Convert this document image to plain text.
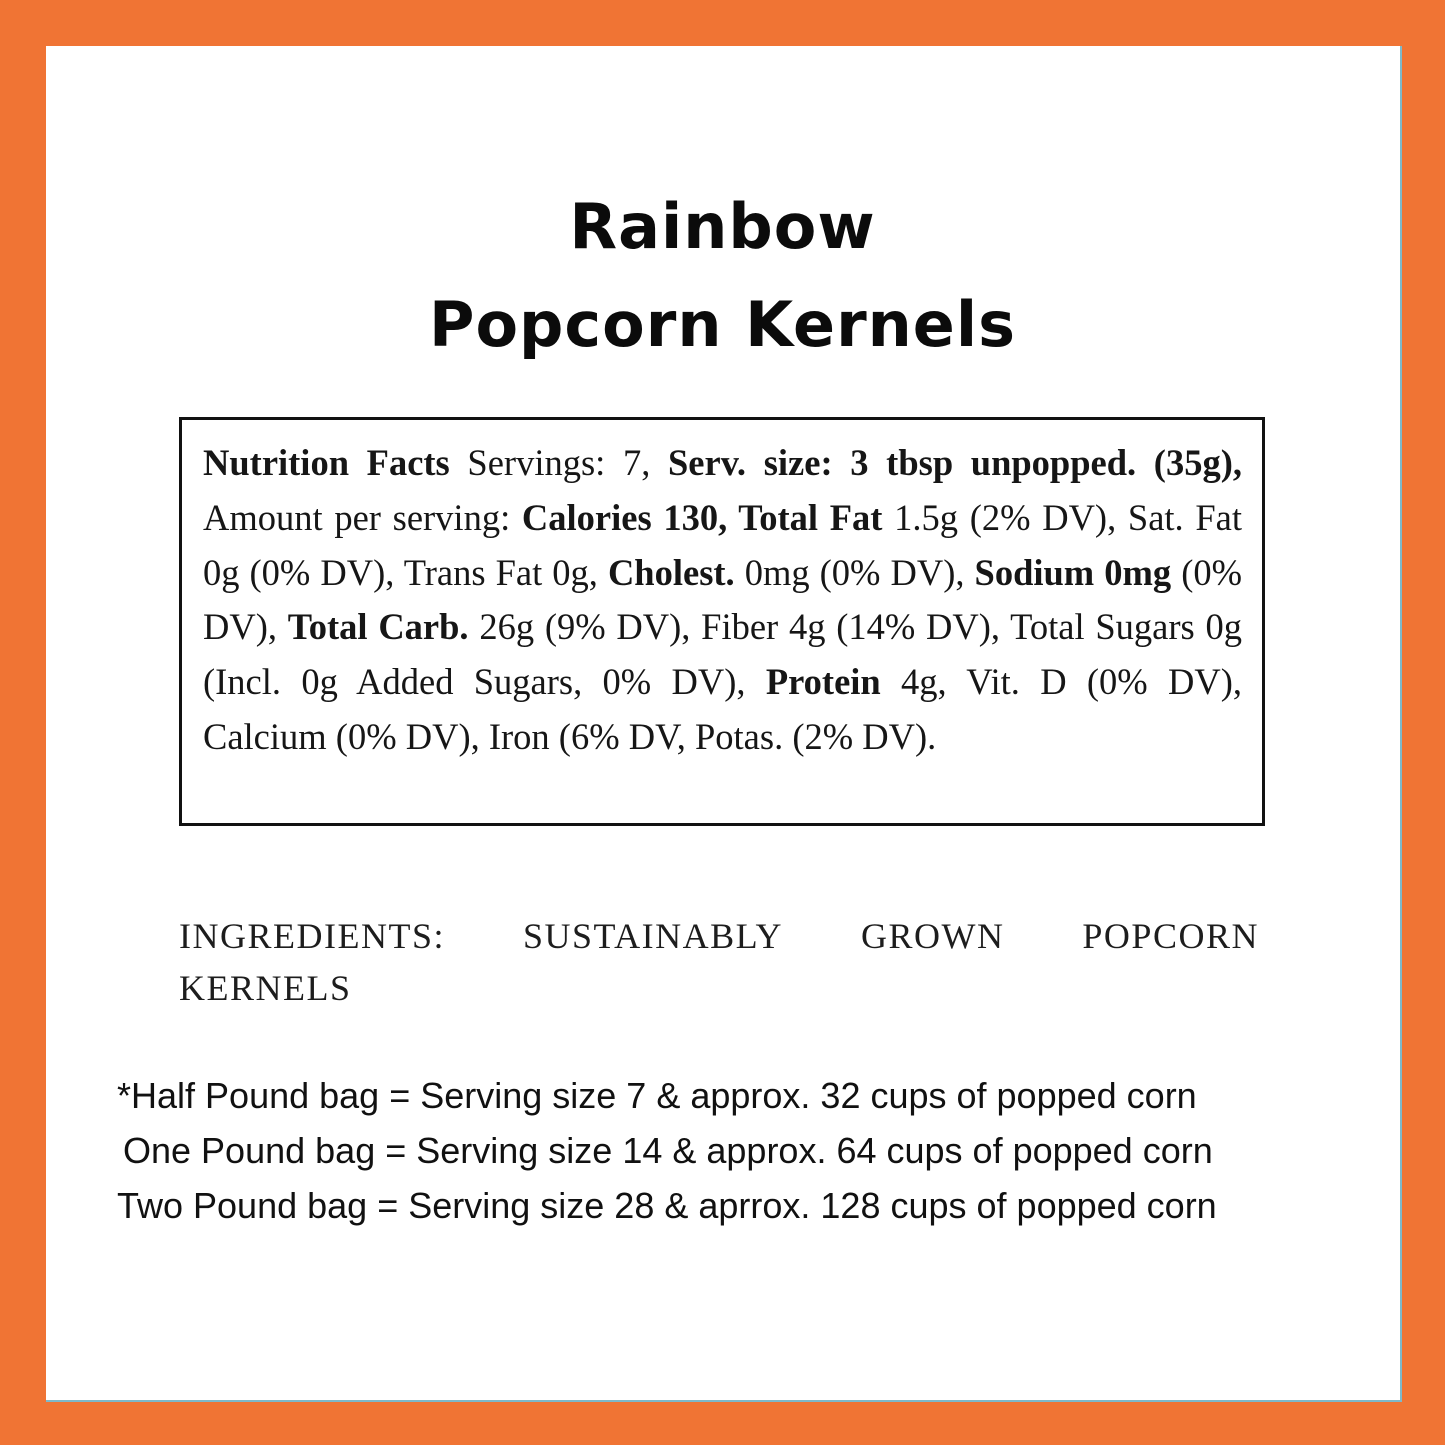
Rainbow
Popcorn Kernels

Nutrition Facts Servings: 7, Serv. size: 3 tbsp unpopped. (35g), Amount per serving: Calories 130, Total Fat 1.5g (2% DV), Sat. Fat 0g (0% DV), Trans Fat 0g, Cholest. 0mg (0% DV), Sodium 0mg (0% DV), Total Carb. 26g (9% DV), Fiber 4g (14% DV), Total Sugars 0g (Incl. 0g Added Sugars, 0% DV), Protein 4g, Vit. D (0% DV), Calcium (0% DV), Iron (6% DV, Potas. (2% DV).

INGREDIENTS: SUSTAINABLY GROWN POPCORN
KERNELS
*Half Pound bag = Serving size 7 & approx. 32 cups of popped corn
One Pound bag = Serving size 14 & approx. 64 cups of popped corn
Two Pound bag = Serving size 28 & aprrox. 128 cups of popped corn
